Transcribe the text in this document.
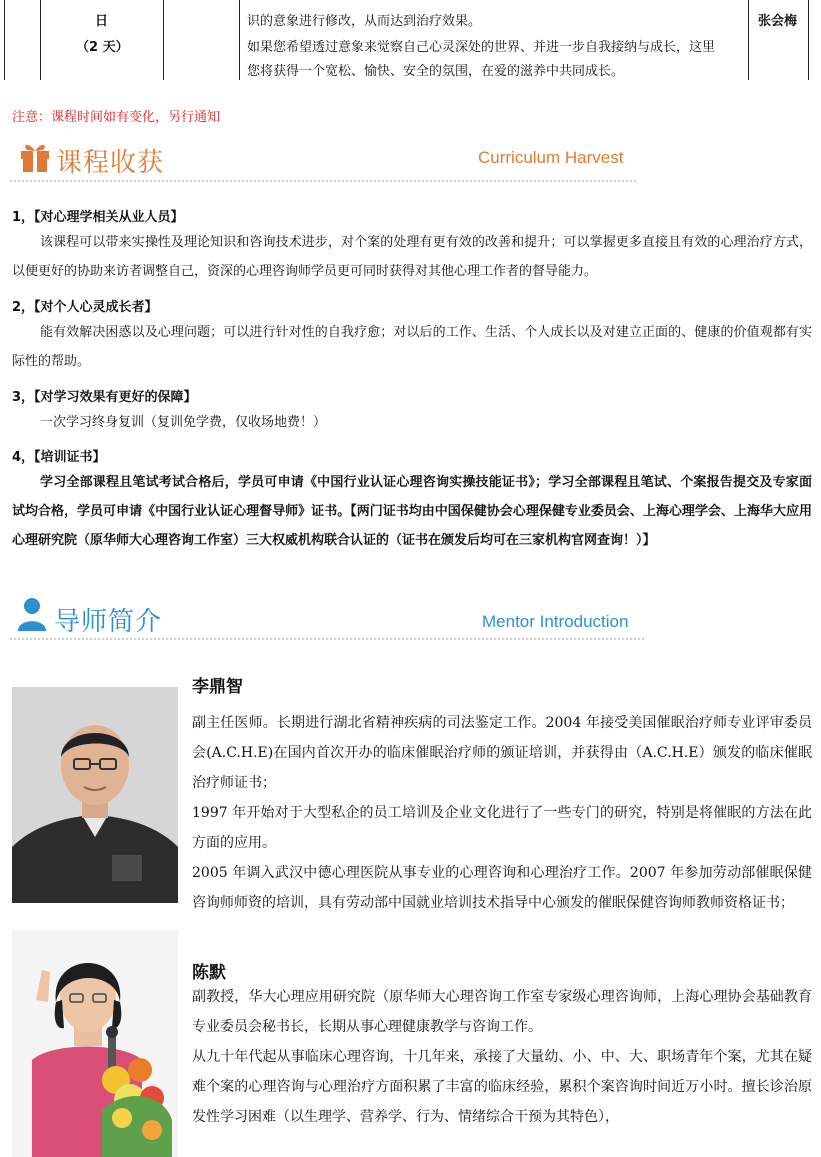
日
（2 天）
识的意象进行修改，从而达到治疗效果。
如果您希望透过意象来觉察自己心灵深处的世界、并进一步自我接纳与成长，这里
您将获得一个宽松、愉快、安全的氛围，在爱的滋养中共同成长。
张会梅
注意：课程时间如有变化，另行通知
课程收获	Curriculum Harvest
1，【对心理学相关从业人员】
该课程可以带来实操性及理论知识和咨询技术进步，对个案的处理有更有效的改善和提升；可以掌握更多直接且有效的心理治疗方式，以便更好的协助来访者调整自己，资深的心理咨询师学员更可同时获得对其他心理工作者的督导能力。
2，【对个人心灵成长者】
能有效解决困惑以及心理问题；可以进行针对性的自我疗愈；对以后的工作、生活、个人成长以及对建立正面的、健康的价值观都有实际性的帮助。
3，【对学习效果有更好的保障】
一次学习终身复训（复训免学费，仅收场地费！）
4，【培训证书】
学习全部课程且笔试考试合格后，学员可申请《中国行业认证心理咨询实操技能证书》；学习全部课程且笔试、个案报告提交及专家面试均合格，学员可申请《中国行业认证心理督导师》证书。【两门证书均由中国保健协会心理保健专业委员会、上海心理学会、上海华大应用心理研究院（原华师大心理咨询工作室）三大权威机构联合认证的（证书在颁发后均可在三家机构官网查询！）】
导师简介	Mentor Introduction
李鼎智
副主任医师。长期进行湖北省精神疾病的司法鉴定工作。2004 年接受美国催眠治疗师专业评审委员会(A.C.H.E)在国内首次开办的临床催眠治疗师的颁证培训，并获得由（A.C.H.E）颁发的临床催眠治疗师证书；
1997 年开始对于大型私企的员工培训及企业文化进行了一些专门的研究，特别是将催眠的方法在此方面的应用。
2005 年调入武汉中德心理医院从事专业的心理咨询和心理治疗工作。2007 年参加劳动部催眠保健咨询师师资的培训，具有劳动部中国就业培训技术指导中心颁发的催眠保健咨询师教师资格证书；
陈默
副教授，华大心理应用研究院（原华师大心理咨询工作室专家级心理咨询师，上海心理协会基础教育专业委员会秘书长，长期从事心理健康教学与咨询工作。
从九十年代起从事临床心理咨询，十几年来，承接了大量幼、小、中、大、职场青年个案，尤其在疑难个案的心理咨询与心理治疗方面积累了丰富的临床经验，累积个案咨询时间近万小时。擅长诊治原发性学习困难（以生理学、营养学、行为、情绪综合干预为其特色），
